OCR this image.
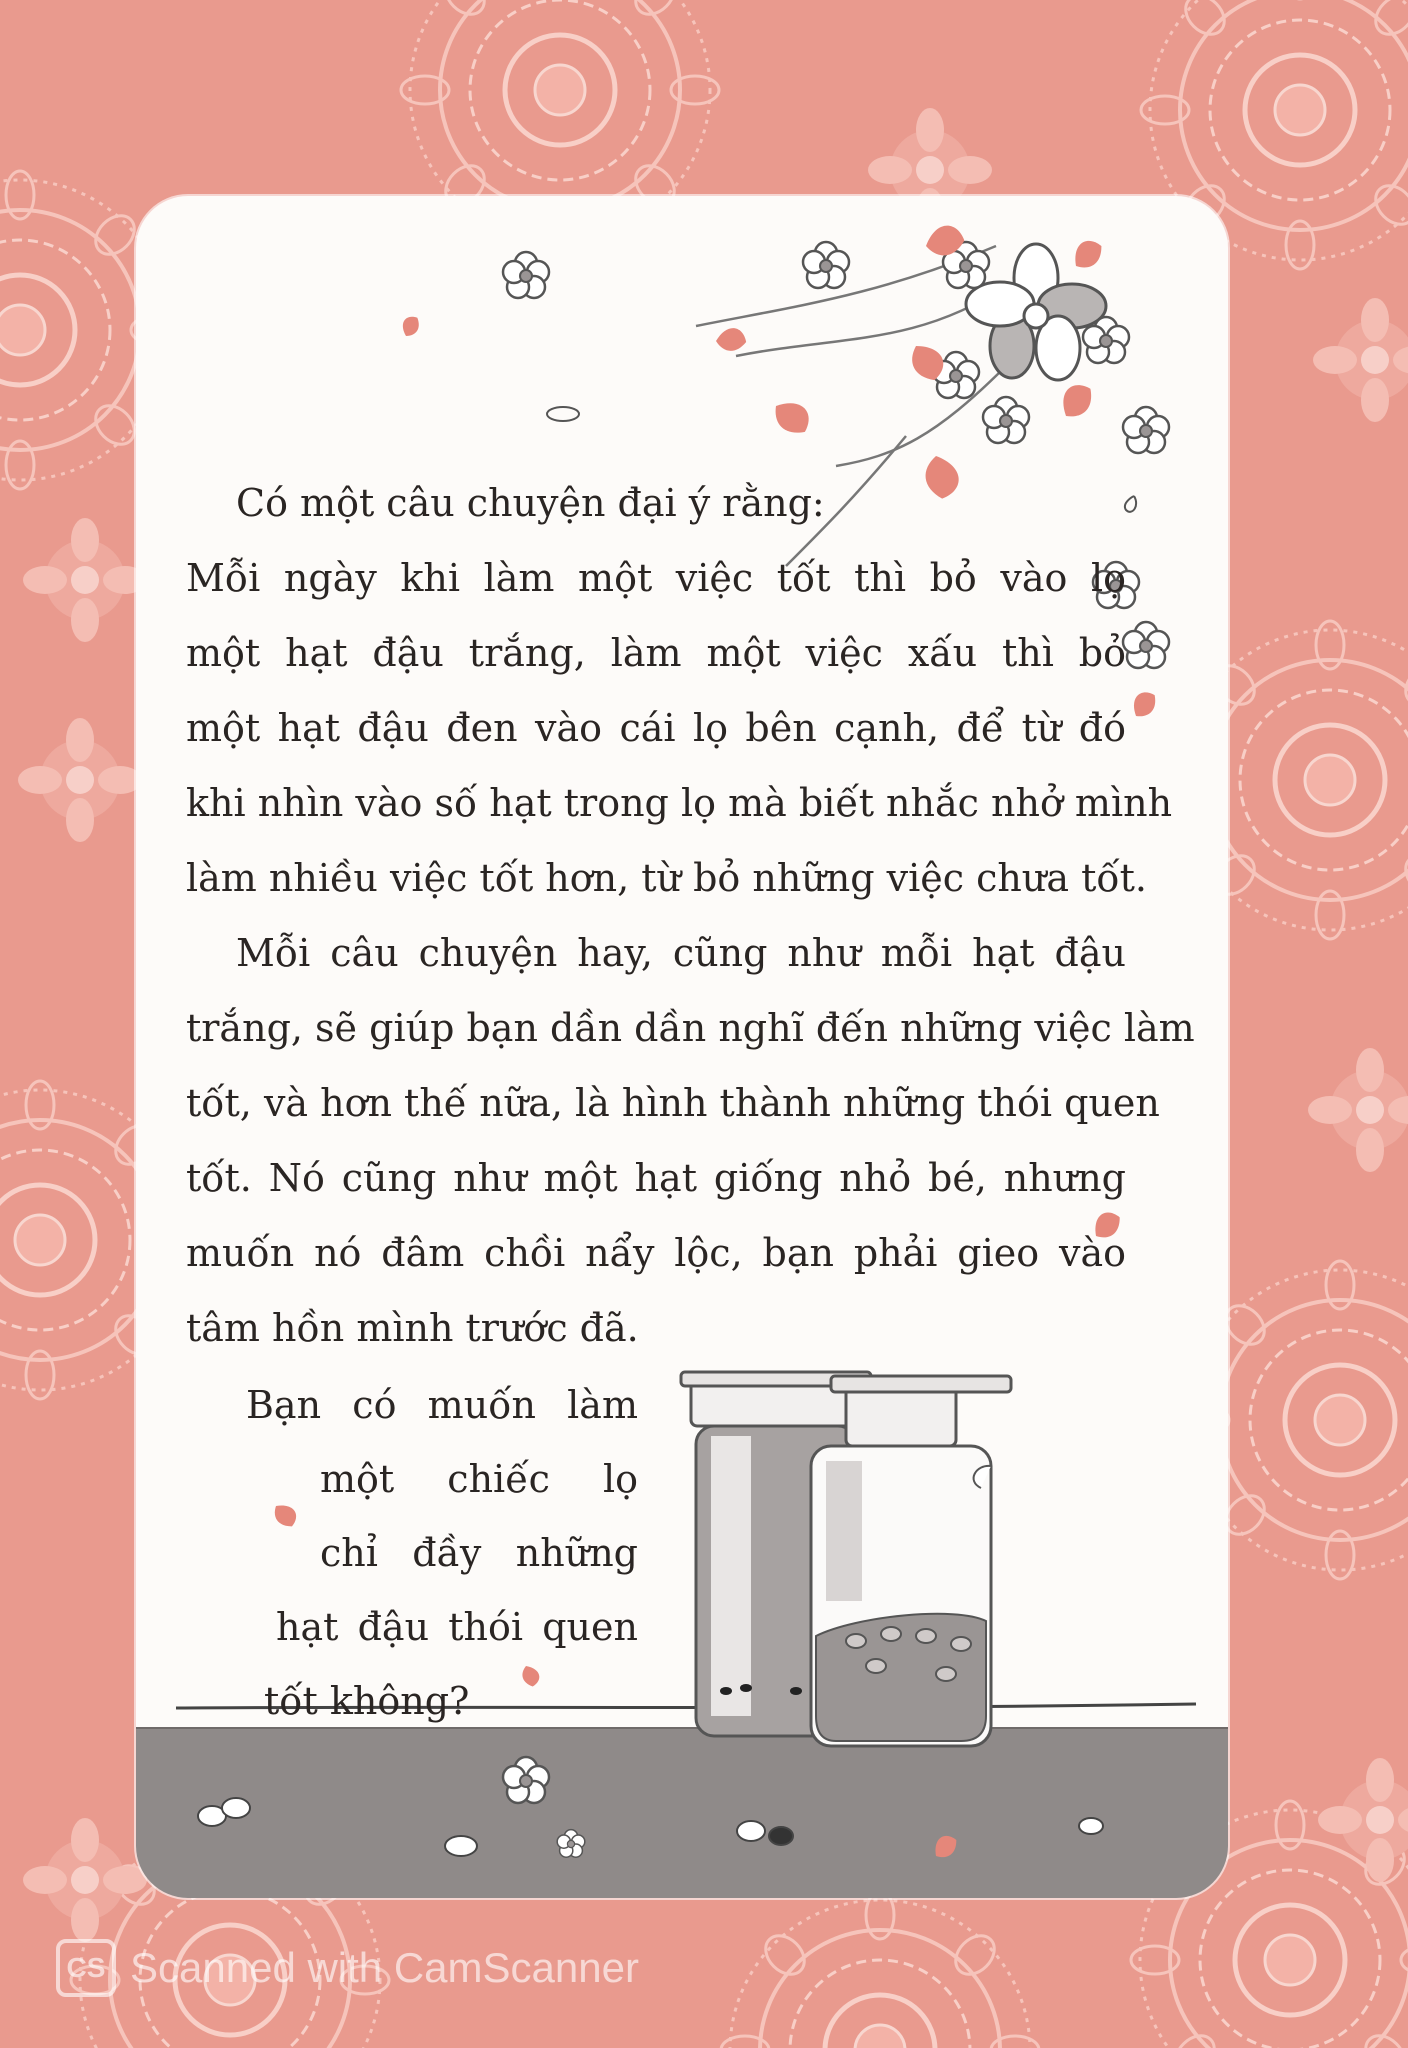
Có một câu chuyện đại ý rằng:
Mỗi ngày khi làm một việc tốt thì bỏ vào lọ
một hạt đậu trắng, làm một việc xấu thì bỏ
một hạt đậu đen vào cái lọ bên cạnh, để từ đó
khi nhìn vào số hạt trong lọ mà biết nhắc nhở mình
làm nhiều việc tốt hơn, từ bỏ những việc chưa tốt.

Mỗi câu chuyện hay, cũng như mỗi hạt đậu
trắng, sẽ giúp bạn dần dần nghĩ đến những việc làm
tốt, và hơn thế nữa, là hình thành những thói quen
tốt. Nó cũng như một hạt giống nhỏ bé, nhưng
muốn nó đâm chồi nẩy lộc, bạn phải gieo vào
tâm hồn mình trước đã.

Bạn có muốn làm
một chiếc lọ
chỉ đầy những
hạt đậu thói quen
tốt không?
CS Scanned with CamScanner
